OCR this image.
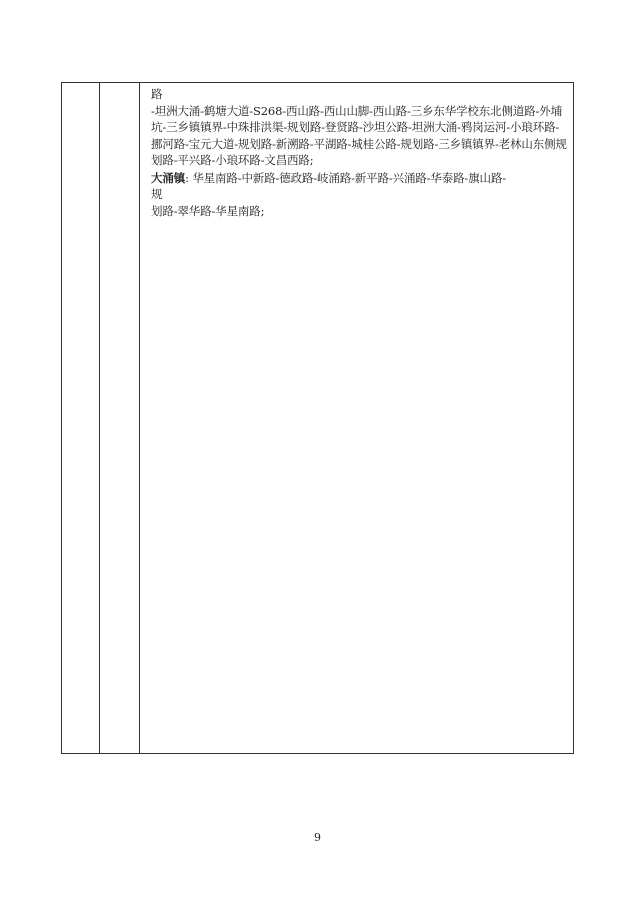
路

-坦洲大涌-鹤塘大道-S268-西山路-西山山脚-西山路-三乡东华学校东北侧道路-外埔坑-三乡镇镇界-中珠排洪渠-规划路-登贤路-沙坦公路-坦洲大涌-鸦岗运河-小琅环路-挪河路-宝元大道-规划路-新溯路-平湖路-城桂公路-规划路-三乡镇镇界-老林山东侧规划路-平兴路-小琅环路-文昌西路;

大涌镇: 华星南路-中新路-德政路-岐涌路-新平路-兴涌路-华泰路-旗山路-

规

划路-翠华路-华星南路;

9
